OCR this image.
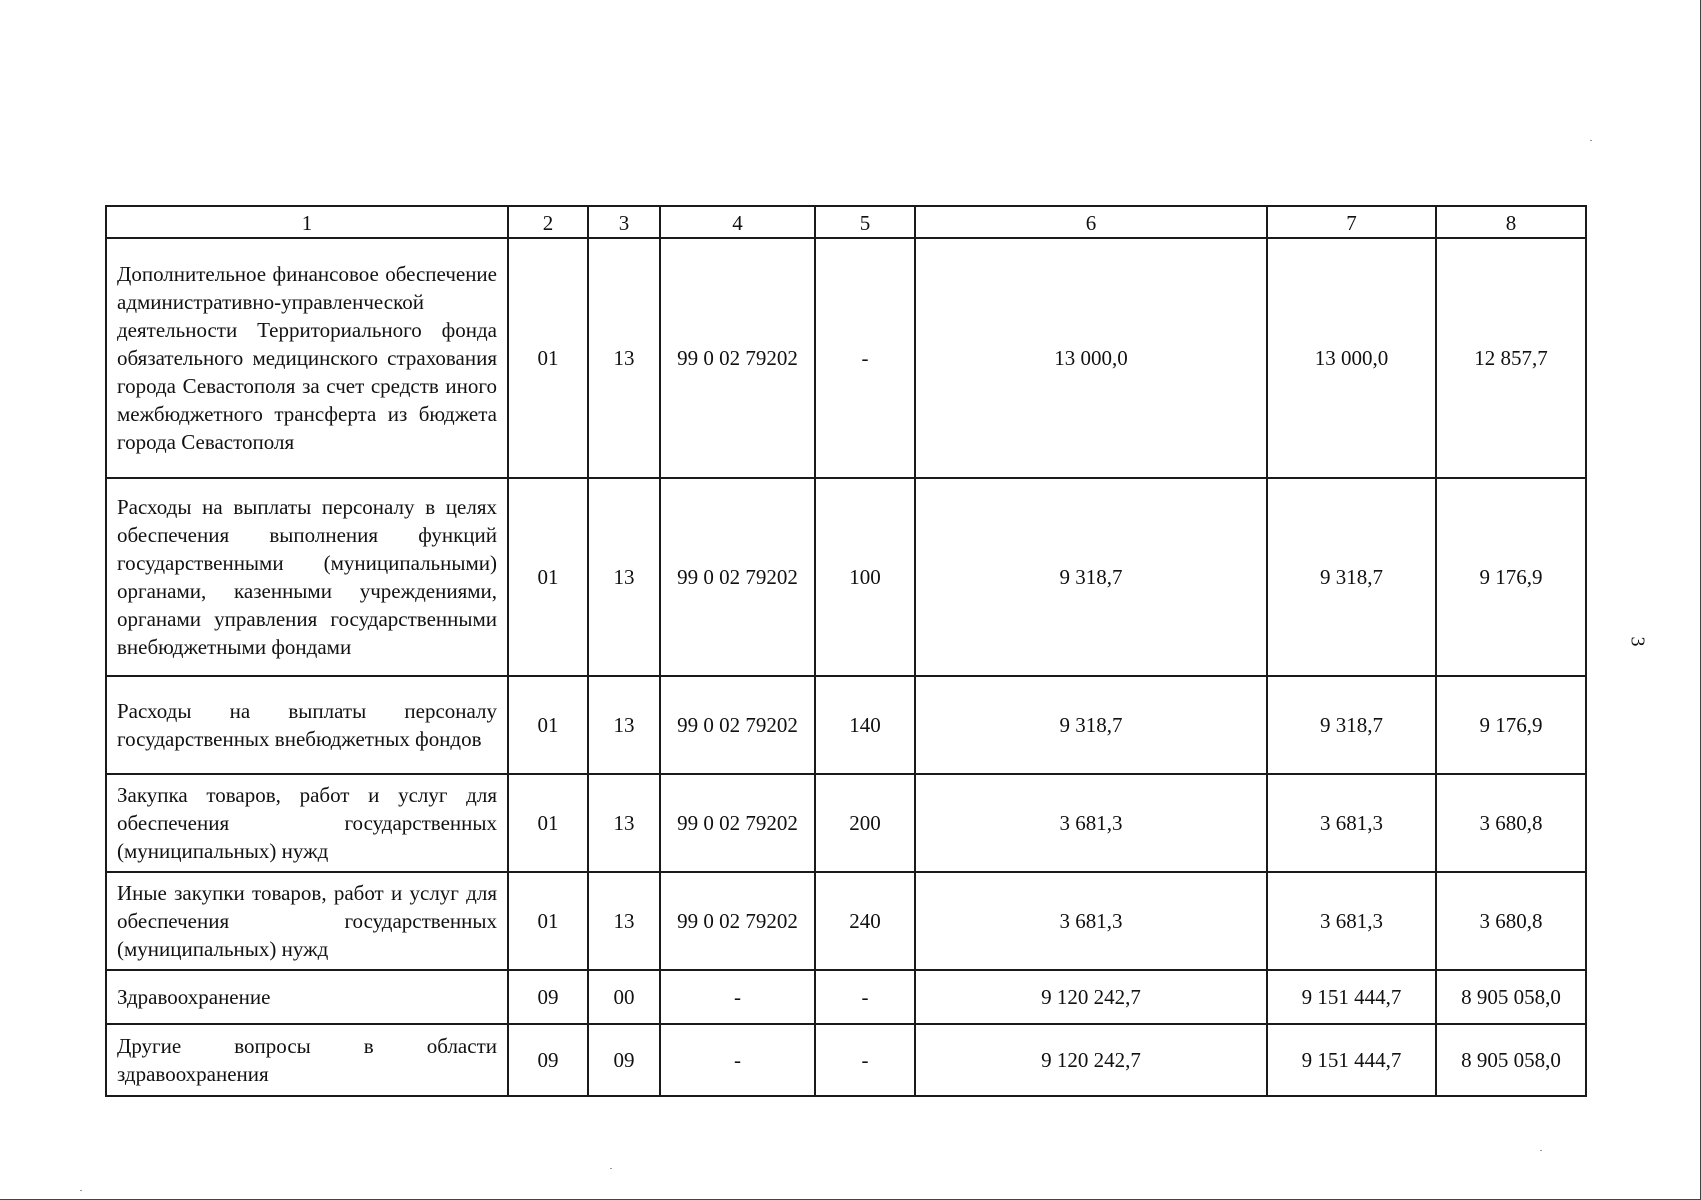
1	2	3	4	5	6	7	8
Дополнительное финансовое обеспечение административно-управленческой деятельности Территориального фонда обязательного медицинского страхования города Севастополя за счет средств иного межбюджетного трансферта из бюджета города Севастополя	01	13	99 0 02 79202	-	13 000,0	13 000,0	12 857,7
Расходы на выплаты персоналу в целях обеспечения выполнения функций государственными (муниципальными) органами, казенными учреждениями, органами управления государственными внебюджетными фондами	01	13	99 0 02 79202	100	9 318,7	9 318,7	9 176,9
Расходы на выплаты персоналу государственных внебюджетных фондов	01	13	99 0 02 79202	140	9 318,7	9 318,7	9 176,9
Закупка товаров, работ и услуг для обеспечения государственных (муниципальных) нужд	01	13	99 0 02 79202	200	3 681,3	3 681,3	3 680,8
Иные закупки товаров, работ и услуг для обеспечения государственных (муниципальных) нужд	01	13	99 0 02 79202	240	3 681,3	3 681,3	3 680,8
Здравоохранение	09	00	-	-	9 120 242,7	9 151 444,7	8 905 058,0
Другие вопросы в области здравоохранения	09	09	-	-	9 120 242,7	9 151 444,7	8 905 058,0
3
